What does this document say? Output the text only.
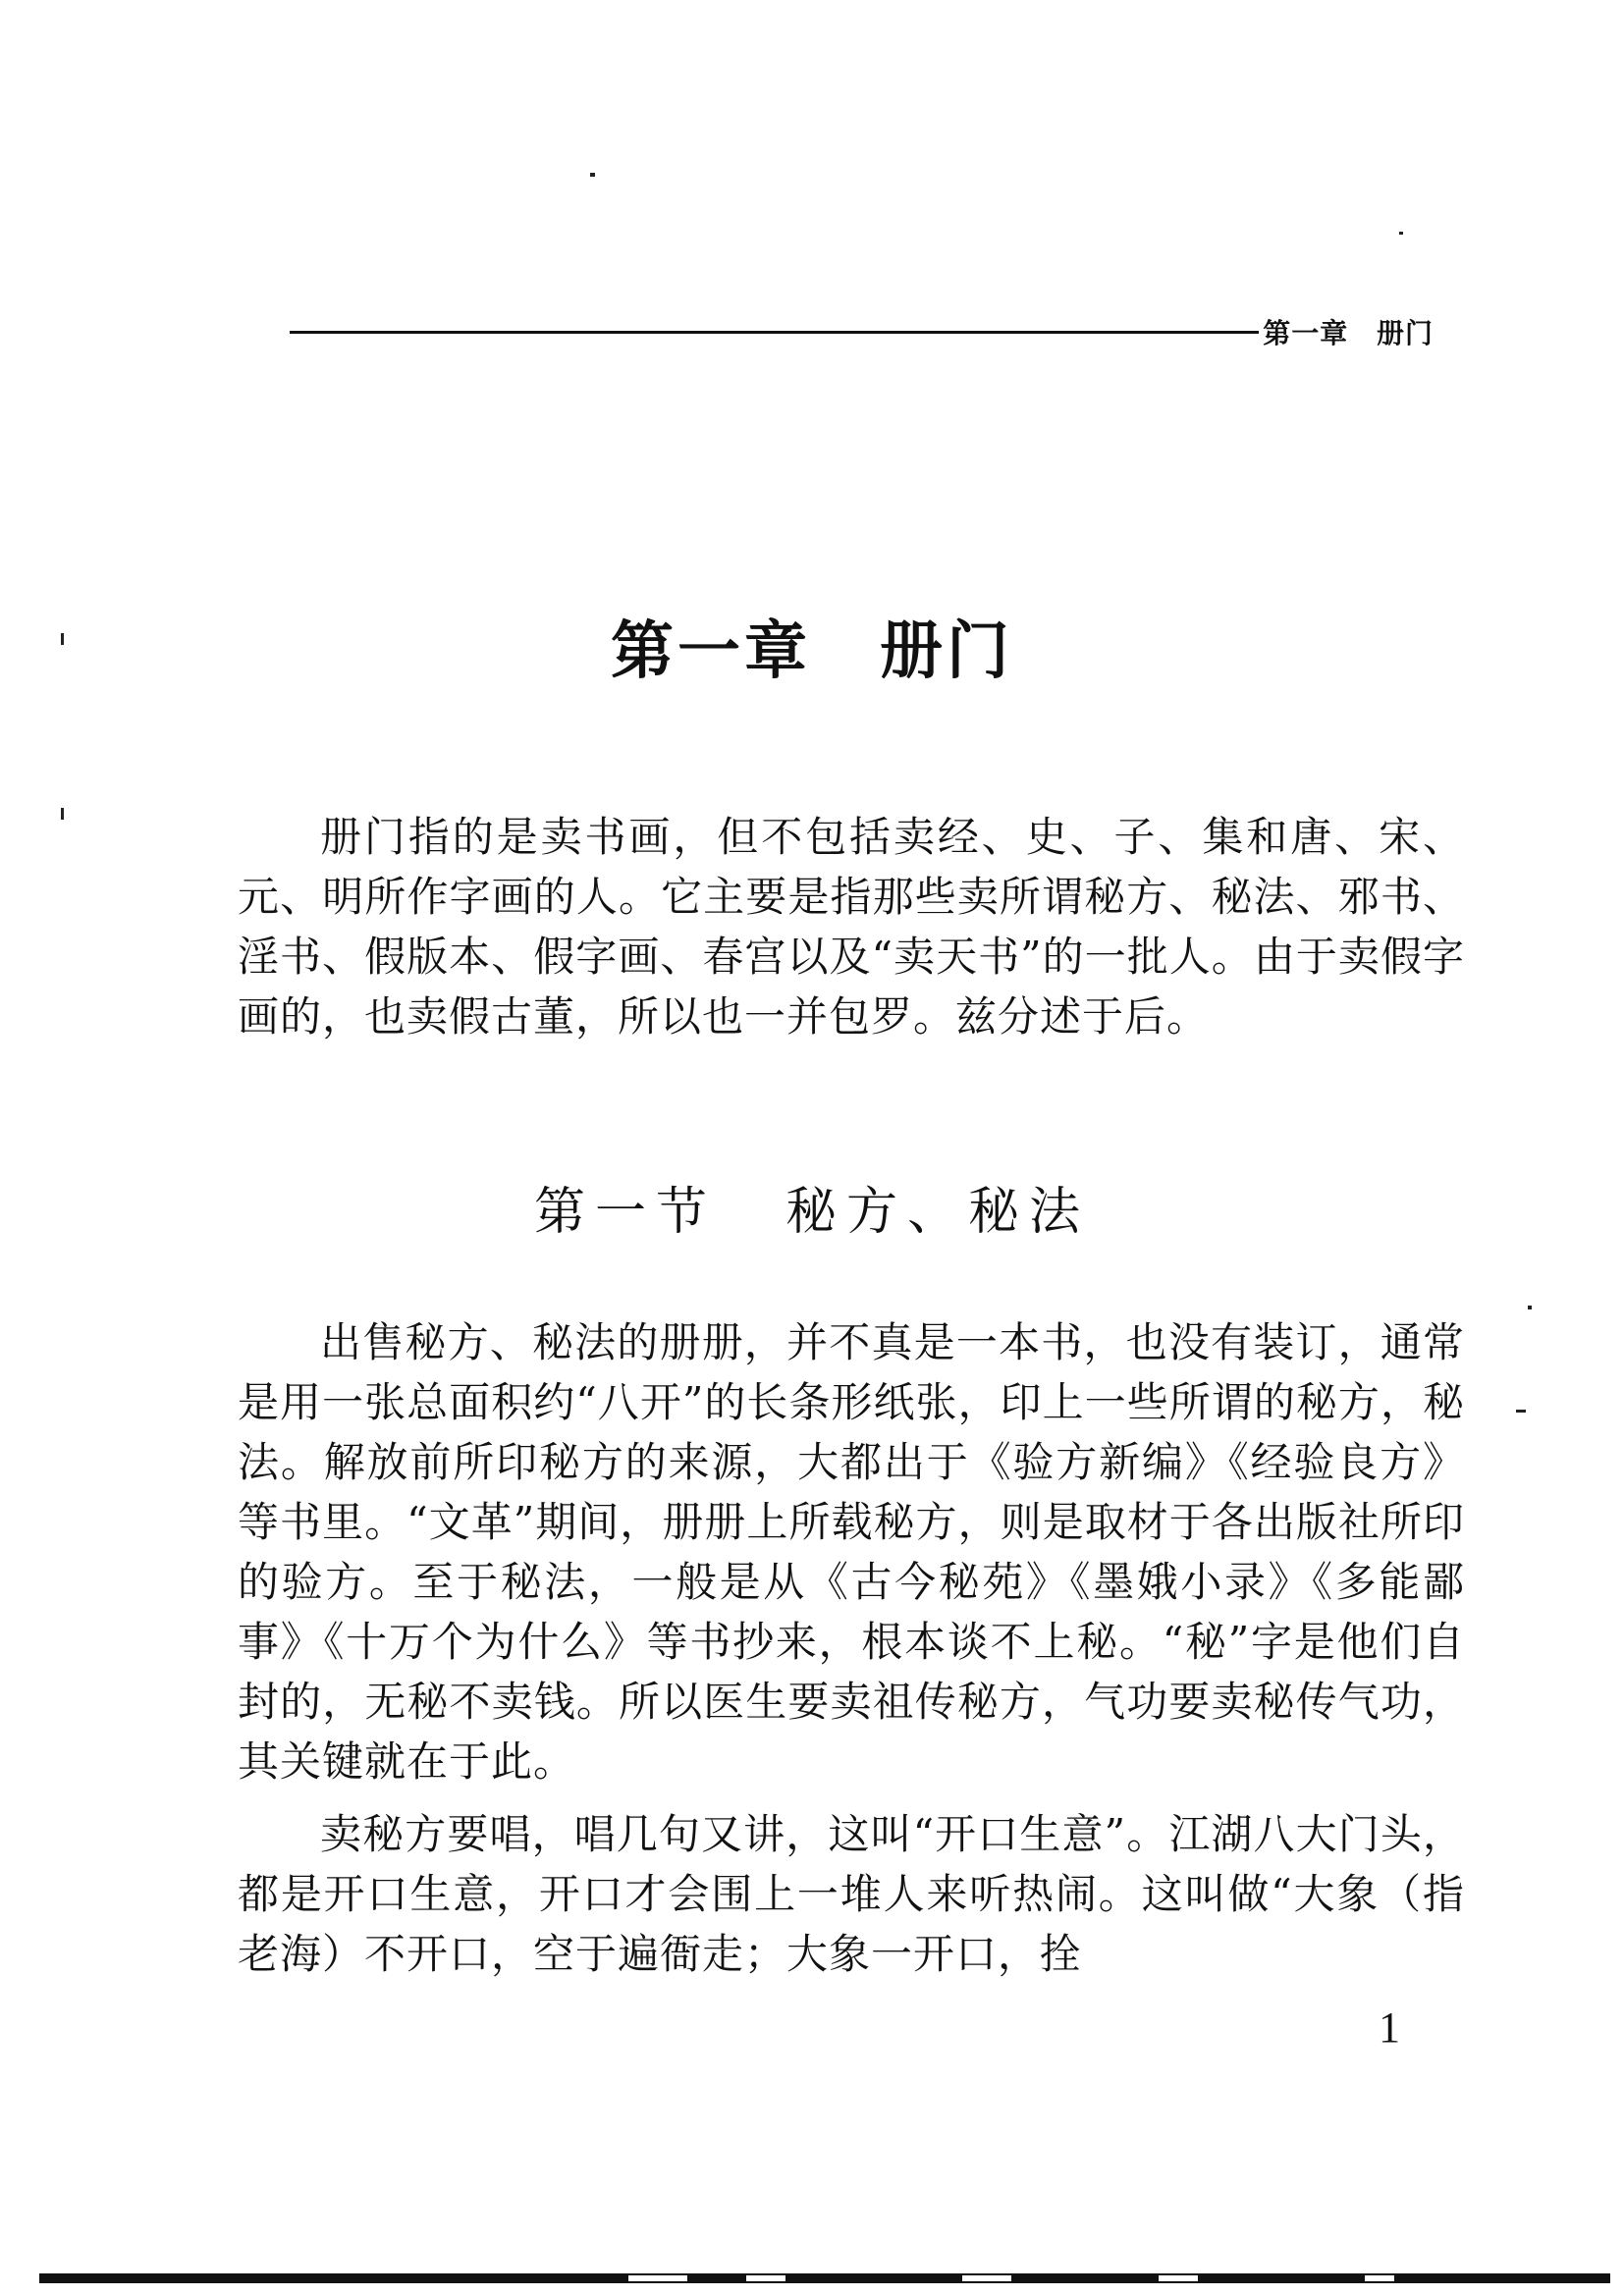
第一章 册门
第一章 册门

册门指的是卖书画，但不包括卖经、史、子、集和唐、宋、元、明所作字画的人。它主要是指那些卖所谓秘方、秘法、邪书、淫书、假版本、假字画、春宫以及“卖天书”的一批人。由于卖假字画的，也卖假古董，所以也一并包罗。兹分述于后。

第一节 秘方、秘法

出售秘方、秘法的册册，并不真是一本书，也没有装订，通常是用一张总面积约“八开”的长条形纸张，印上一些所谓的秘方，秘法。解放前所印秘方的来源，大都出于《验方新编》《经验良方》等书里。“文革”期间，册册上所载秘方，则是取材于各出版社所印的验方。至于秘法，一般是从《古今秘苑》《墨娥小录》《多能鄙事》《十万个为什么》等书抄来，根本谈不上秘。“秘”字是他们自封的，无秘不卖钱。所以医生要卖祖传秘方，气功要卖秘传气功，其关键就在于此。

卖秘方要唱，唱几句又讲，这叫“开口生意”。江湖八大门头，都是开口生意，开口才会围上一堆人来听热闹。这叫做“大象（指老海）不开口，空于遍衙走；大象一开口，拴

1
